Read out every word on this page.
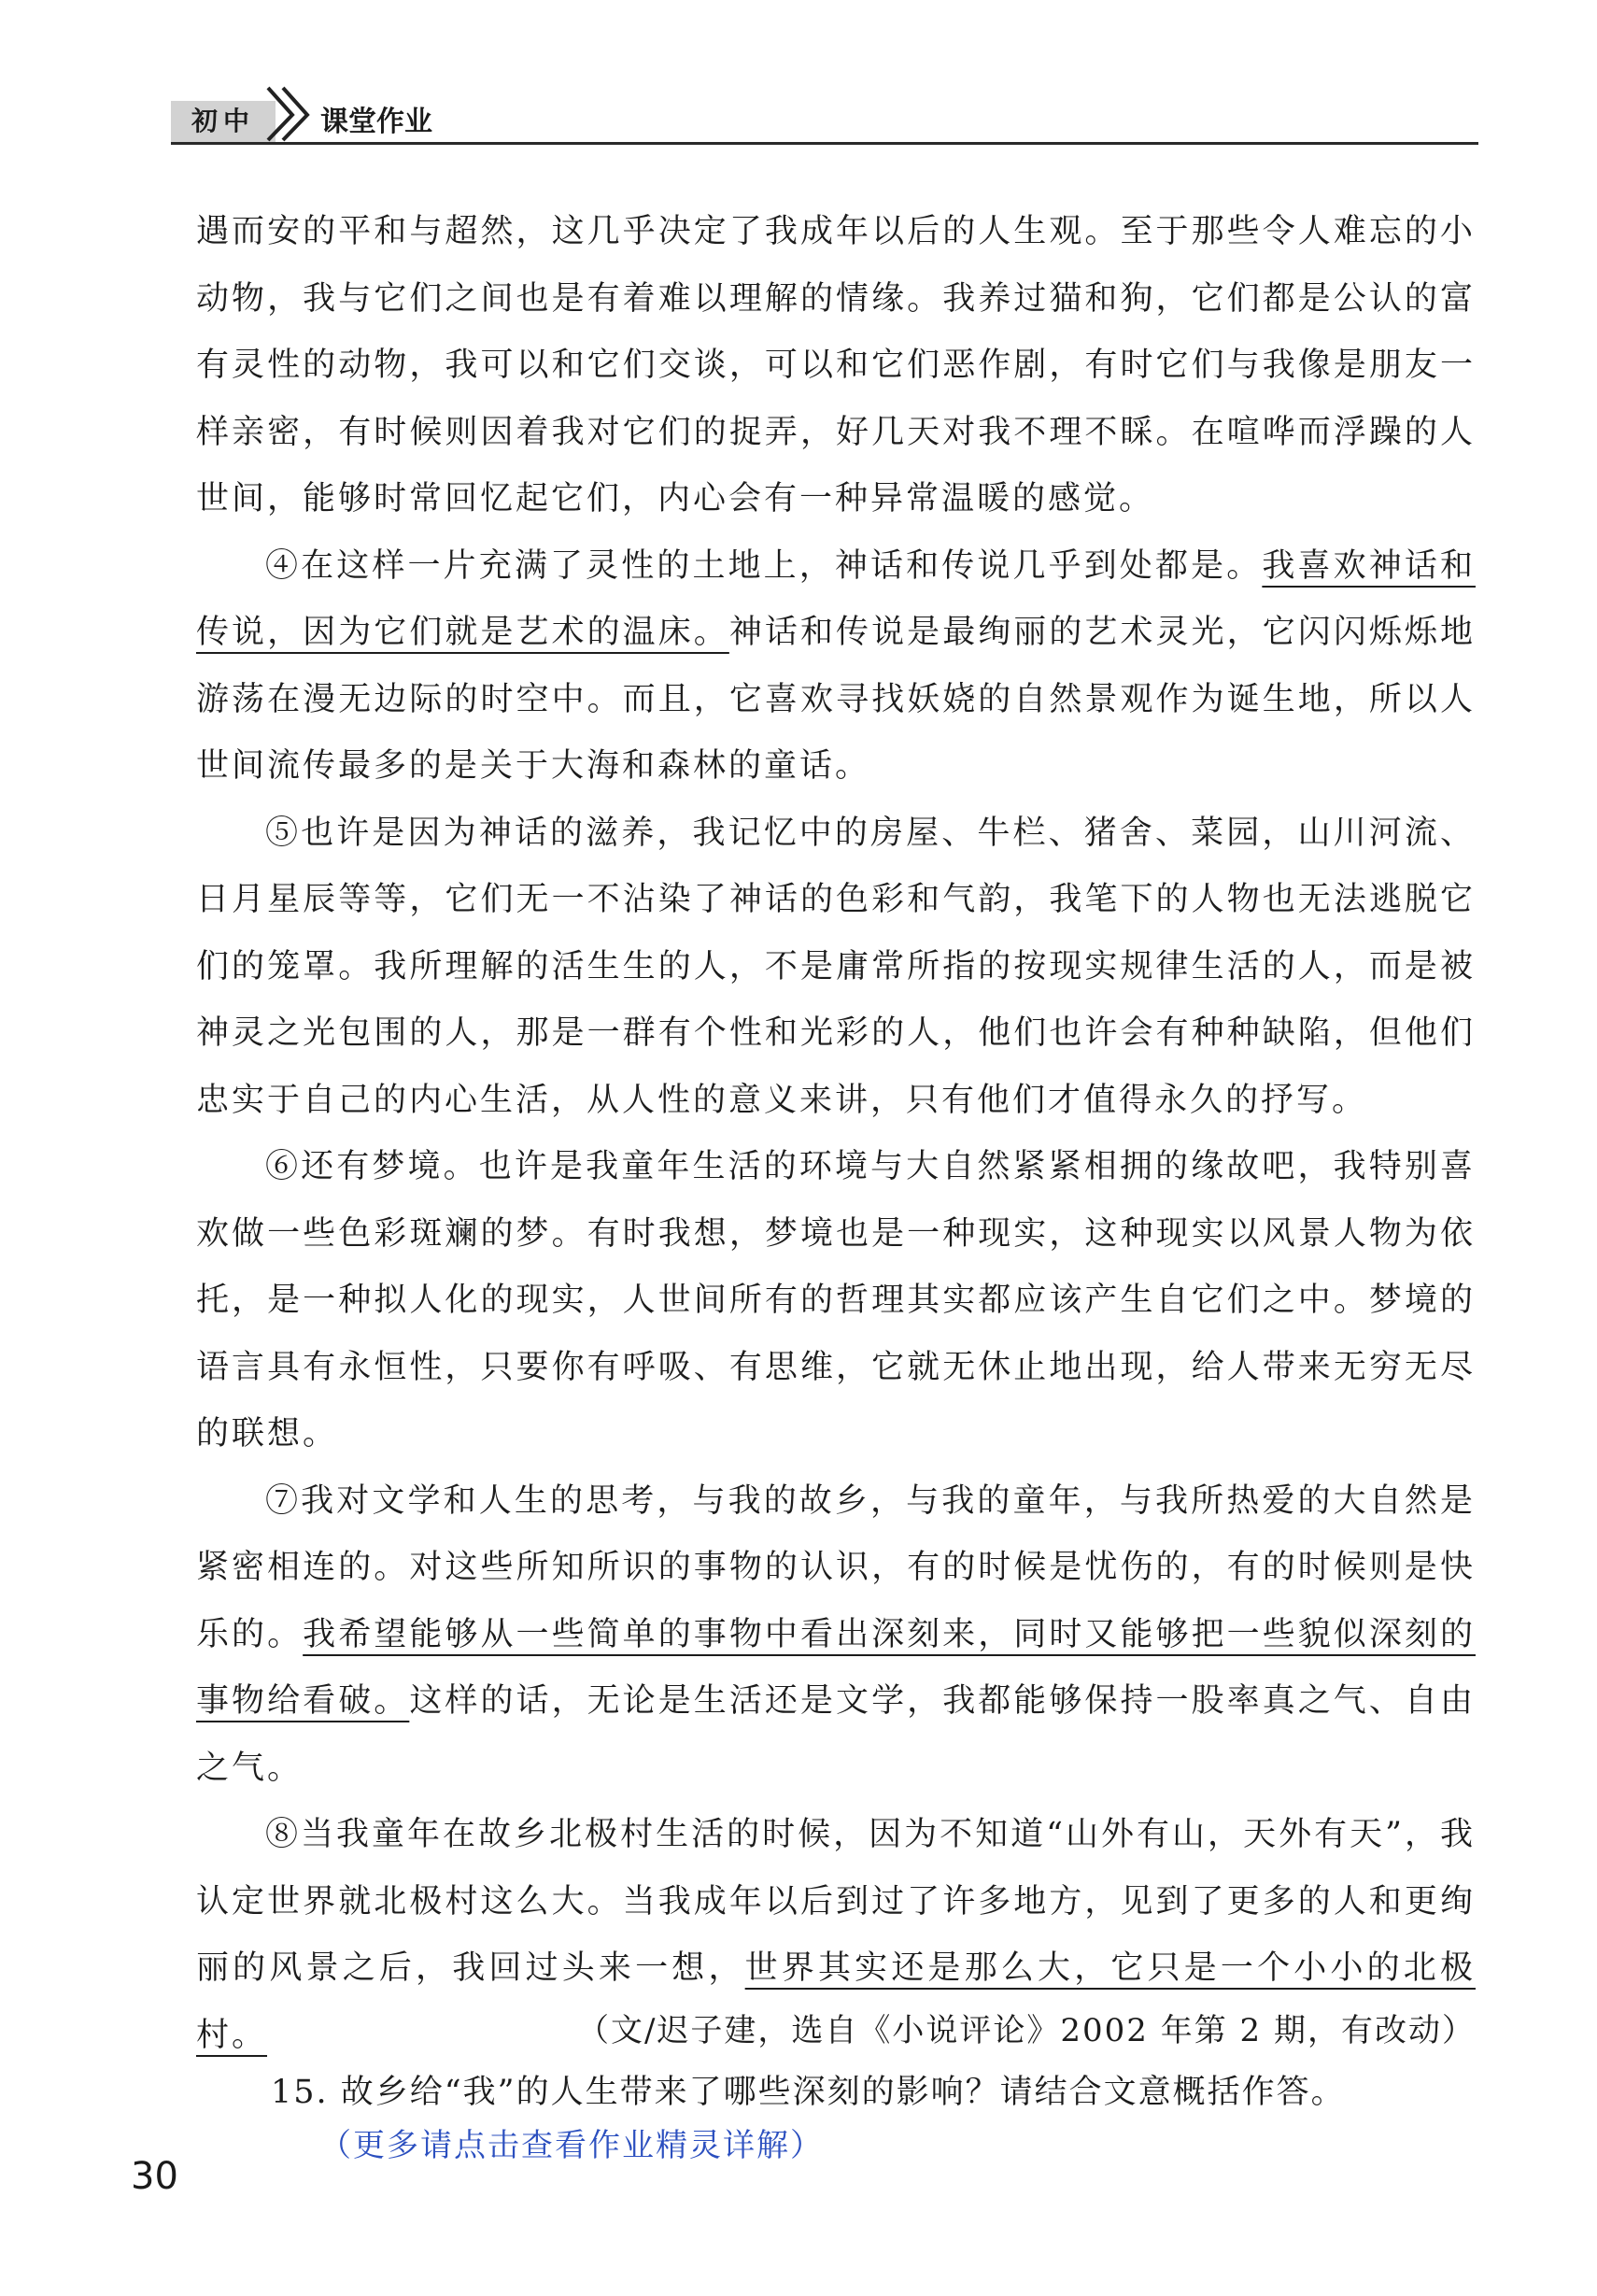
初中	课堂作业

遇而安的平和与超然，这几乎决定了我成年以后的人生观。至于那些令人难忘的小动物，我与它们之间也是有着难以理解的情缘。我养过猫和狗，它们都是公认的富有灵性的动物，我可以和它们交谈，可以和它们恶作剧，有时它们与我像是朋友一样亲密，有时候则因着我对它们的捉弄，好几天对我不理不睬。在喧哗而浮躁的人世间，能够时常回忆起它们，内心会有一种异常温暖的感觉。

④在这样一片充满了灵性的土地上，神话和传说几乎到处都是。我喜欢神话和传说，因为它们就是艺术的温床。神话和传说是最绚丽的艺术灵光，它闪闪烁烁地游荡在漫无边际的时空中。而且，它喜欢寻找妖娆的自然景观作为诞生地，所以人世间流传最多的是关于大海和森林的童话。

⑤也许是因为神话的滋养，我记忆中的房屋、牛栏、猪舍、菜园，山川河流、日月星辰等等，它们无一不沾染了神话的色彩和气韵，我笔下的人物也无法逃脱它们的笼罩。我所理解的活生生的人，不是庸常所指的按现实规律生活的人，而是被神灵之光包围的人，那是一群有个性和光彩的人，他们也许会有种种缺陷，但他们忠实于自己的内心生活，从人性的意义来讲，只有他们才值得永久的抒写。

⑥还有梦境。也许是我童年生活的环境与大自然紧紧相拥的缘故吧，我特别喜欢做一些色彩斑斓的梦。有时我想，梦境也是一种现实，这种现实以风景人物为依托，是一种拟人化的现实，人世间所有的哲理其实都应该产生自它们之中。梦境的语言具有永恒性，只要你有呼吸、有思维，它就无休止地出现，给人带来无穷无尽的联想。

⑦我对文学和人生的思考，与我的故乡，与我的童年，与我所热爱的大自然是紧密相连的。对这些所知所识的事物的认识，有的时候是忧伤的，有的时候则是快乐的。我希望能够从一些简单的事物中看出深刻来，同时又能够把一些貌似深刻的事物给看破。这样的话，无论是生活还是文学，我都能够保持一股率真之气、自由之气。

⑧当我童年在故乡北极村生活的时候，因为不知道“山外有山，天外有天”，我认定世界就北极村这么大。当我成年以后到过了许多地方，见到了更多的人和更绚丽的风景之后，我回过头来一想，世界其实还是那么大，它只是一个小小的北极村。	（文/迟子建，选自《小说评论》2002 年第 2 期，有改动）
15. 故乡给“我”的人生带来了哪些深刻的影响？请结合文意概括作答。
（更多请点击查看作业精灵详解）
30
